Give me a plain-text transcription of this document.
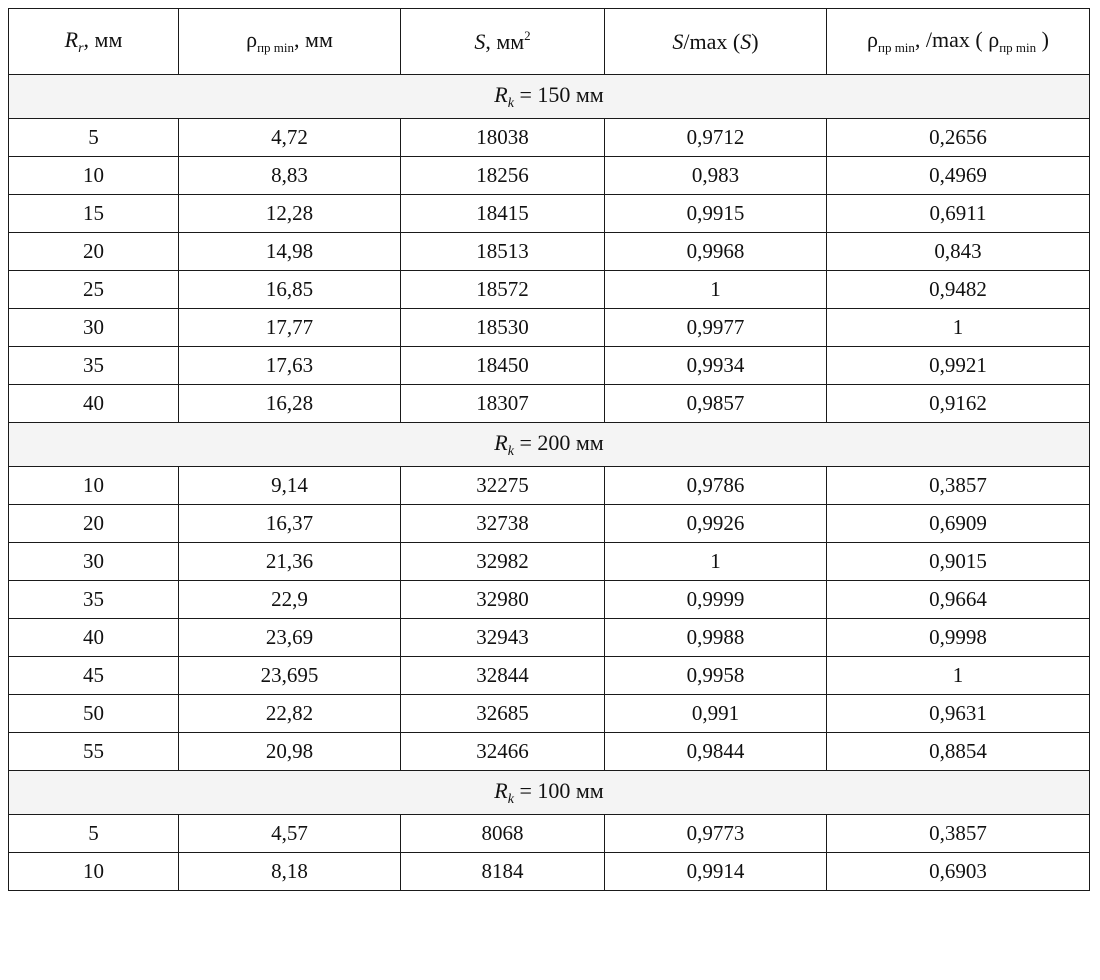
$R_r$, мм	$\rho_{пр min}$, мм	S, $мм^2$	S/max (S)	$\rho_{пр min}$, /max ( $\rho_{пр min}$ )
$R_k = 150$ мм				
5	4,72	18038	0,9712	0,2656
10	8,83	18256	0,983	0,4969
15	12,28	18415	0,9915	0,6911
20	14,98	18513	0,9968	0,843
25	16,85	18572	1	0,9482
30	17,77	18530	0,9977	1
35	17,63	18450	0,9934	0,9921
40	16,28	18307	0,9857	0,9162
$R_k = 200$ мм				
10	9,14	32275	0,9786	0,3857
20	16,37	32738	0,9926	0,6909
30	21,36	32982	1	0,9015
35	22,9	32980	0,9999	0,9664
40	23,69	32943	0,9988	0,9998
45	23,695	32844	0,9958	1
50	22,82	32685	0,991	0,9631
55	20,98	32466	0,9844	0,8854
$R_k = 100$ мм				
5	4,57	8068	0,9773	0,3857
10	8,18	8184	0,9914	0,6903
